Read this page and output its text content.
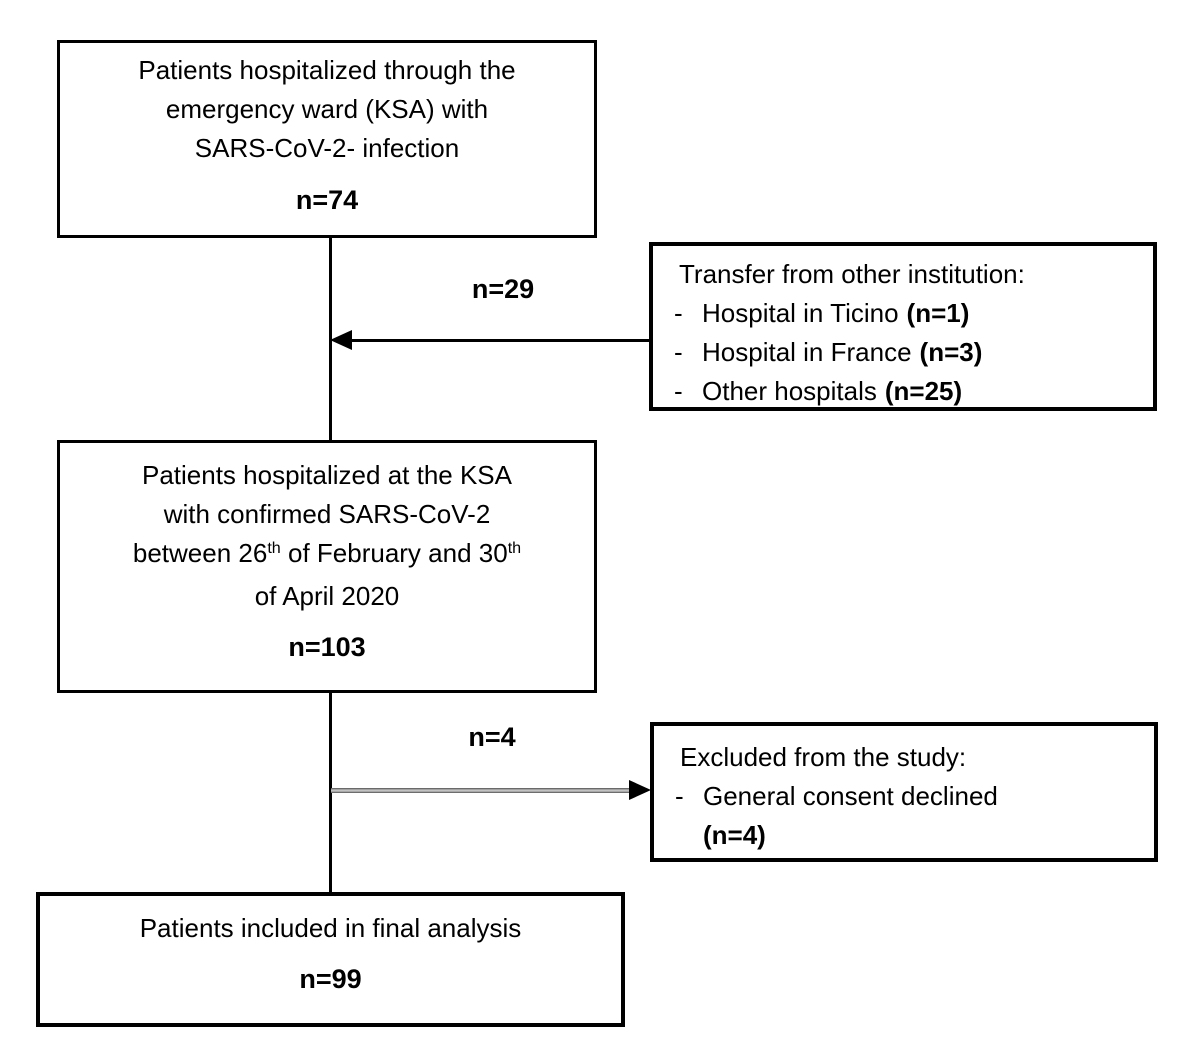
Patients hospitalized through the
emergency ward (KSA) with
SARS-CoV-2- infection
n=74
n=29	Transfer from other institution:
- Hospital in Ticino (n=1)
- Hospital in France (n=3)
- Other hospitals (n=25)
Patients hospitalized at the KSA
with confirmed SARS-CoV-2
between 26th of February and 30th
of April 2020
n=103
n=4
Excluded from the study:
- General consent declined
(n=4)
Patients included in final analysis
n=99
